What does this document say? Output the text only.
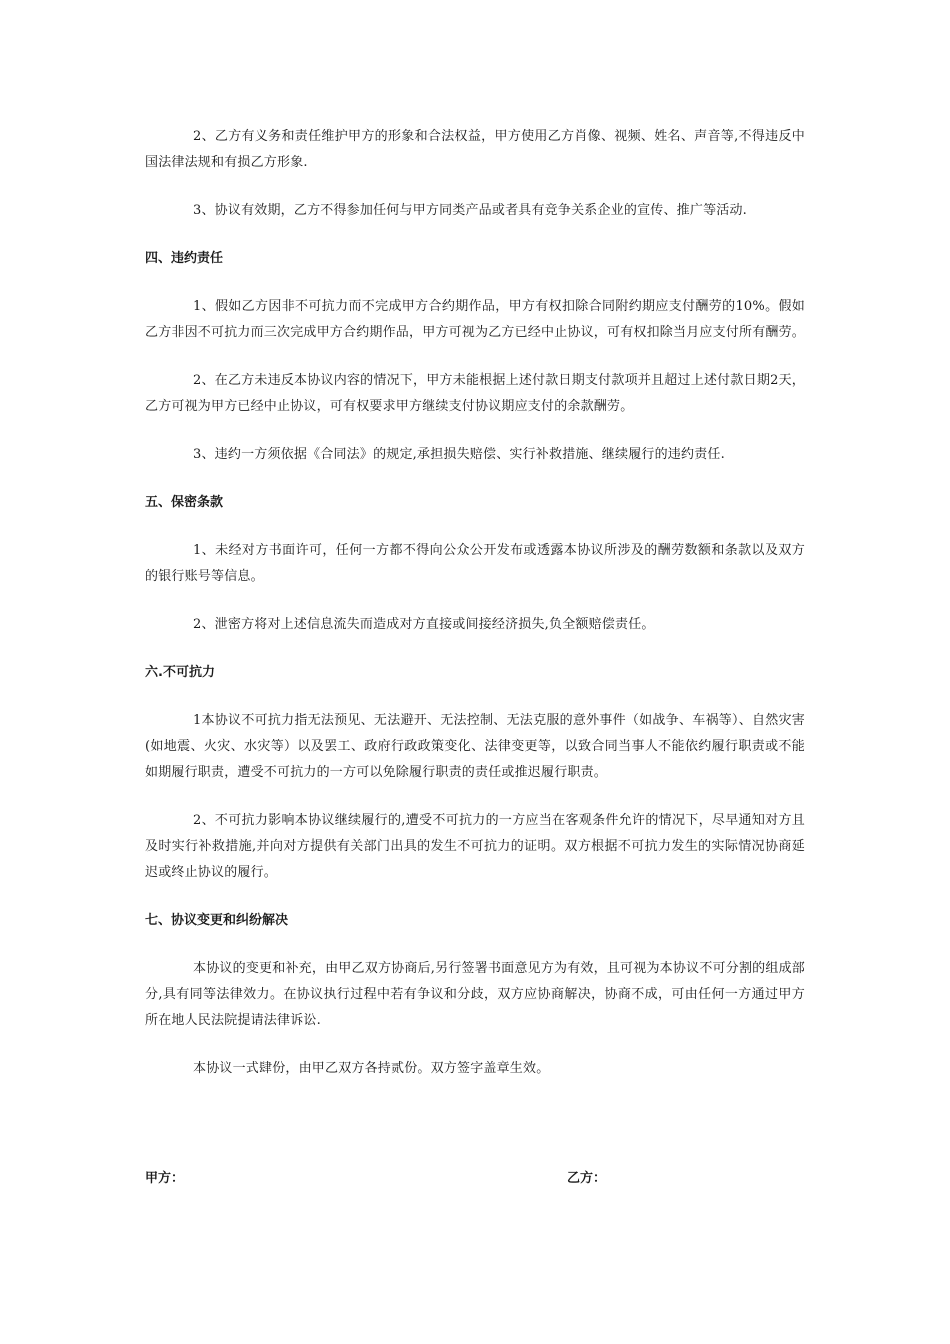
2、乙方有义务和责任维护甲方的形象和合法权益，甲方使用乙方肖像、视频、姓名、声音等,不得违反中国法律法规和有损乙方形象.

3、协议有效期，乙方不得参加任何与甲方同类产品或者具有竞争关系企业的宣传、推广等活动.

四、违约责任

1、假如乙方因非不可抗力而不完成甲方合约期作品，甲方有权扣除合同附约期应支付酬劳的10%。假如乙方非因不可抗力而三次完成甲方合约期作品，甲方可视为乙方已经中止协议，可有权扣除当月应支付所有酬劳。

2、在乙方未违反本协议内容的情况下，甲方未能根据上述付款日期支付款项并且超过上述付款日期2天，乙方可视为甲方已经中止协议，可有权要求甲方继续支付协议期应支付的余款酬劳。

3、违约一方须依据《合同法》的规定,承担损失赔偿、实行补救措施、继续履行的违约责任.

五、保密条款

1、未经对方书面许可，任何一方都不得向公众公开发布或透露本协议所涉及的酬劳数额和条款以及双方的银行账号等信息。

2、泄密方将对上述信息流失而造成对方直接或间接经济损失,负全额赔偿责任。

六.不可抗力

1本协议不可抗力指无法预见、无法避开、无法控制、无法克服的意外事件（如战争、车祸等）、自然灾害(如地震、火灾、水灾等）以及罢工、政府行政政策变化、法律变更等，以致合同当事人不能依约履行职责或不能如期履行职责，遭受不可抗力的一方可以免除履行职责的责任或推迟履行职责。

2、不可抗力影响本协议继续履行的,遭受不可抗力的一方应当在客观条件允许的情况下，尽早通知对方且及时实行补救措施,并向对方提供有关部门出具的发生不可抗力的证明。双方根据不可抗力发生的实际情况协商延迟或终止协议的履行。

七、协议变更和纠纷解决

本协议的变更和补充，由甲乙双方协商后,另行签署书面意见方为有效，且可视为本协议不可分割的组成部分,具有同等法律效力。在协议执行过程中若有争议和分歧，双方应协商解决，协商不成，可由任何一方通过甲方所在地人民法院提请法律诉讼.

本协议一式肆份，由甲乙双方各持贰份。双方签字盖章生效。

甲方：	乙方：
